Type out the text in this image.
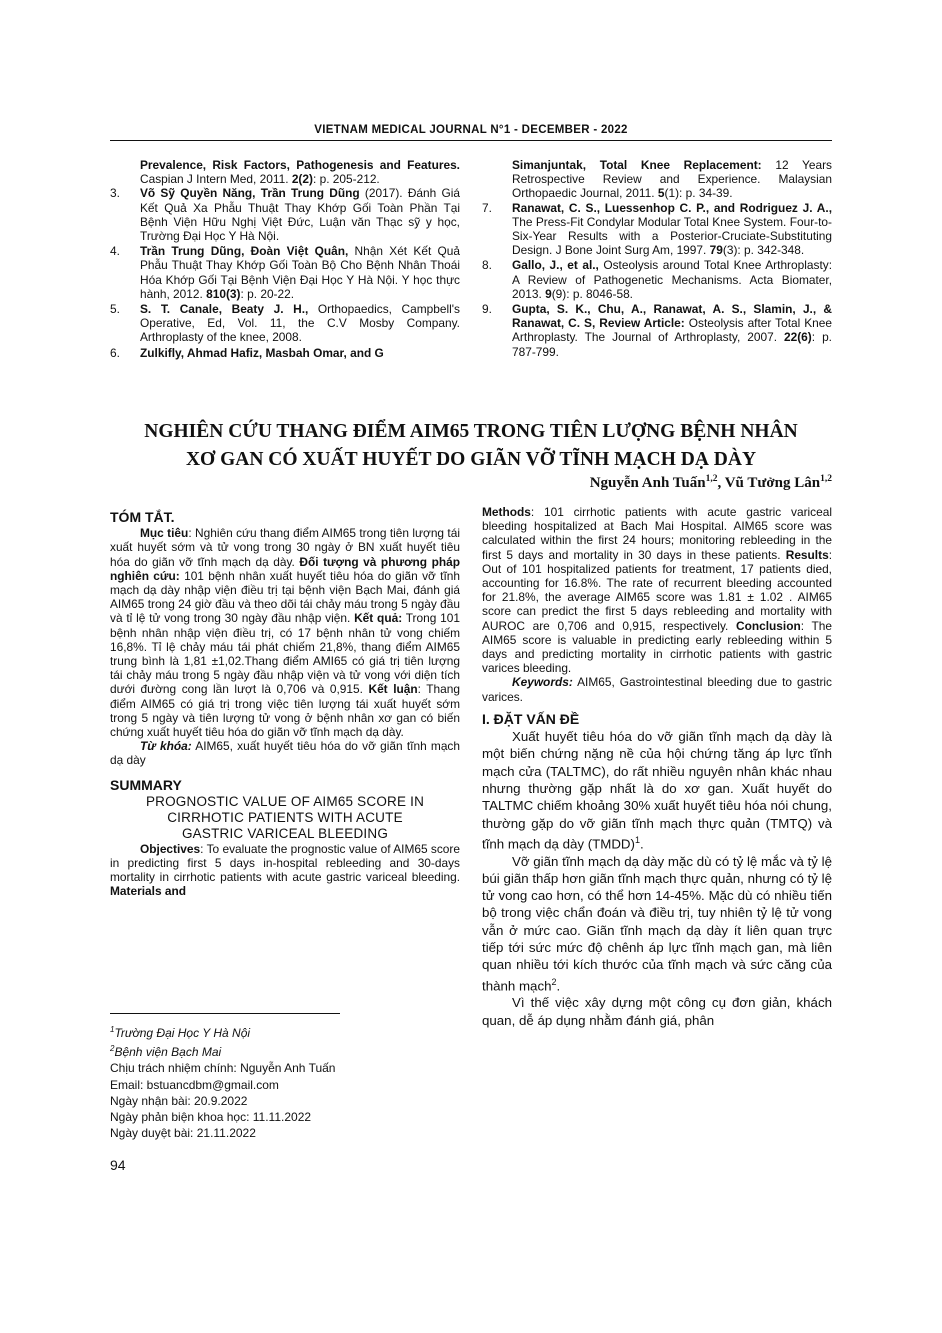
VIETNAM MEDICAL JOURNAL N°1 - DECEMBER - 2022
Prevalence, Risk Factors, Pathogenesis and Features. Caspian J Intern Med, 2011. 2(2): p. 205-212.
3.	Võ Sỹ Quyền Năng, Trần Trung Dũng (2017). Đánh Giá Kết Quả Xa Phẫu Thuật Thay Khớp Gối Toàn Phần Tại Bệnh Viện Hữu Nghị Việt Đức, Luận văn Thạc sỹ y học, Trường Đại Học Y Hà Nội.
4.	Trần Trung Dũng, Đoàn Việt Quân, Nhận Xét Kết Quả Phẫu Thuật Thay Khớp Gối Toàn Bộ Cho Bệnh Nhân Thoái Hóa Khớp Gối Tại Bệnh Viện Đại Học Y Hà Nội. Y học thực hành, 2012. 810(3): p. 20-22.
5.	S. T. Canale, Beaty J. H., Orthopaedics, Campbell's Operative, Ed, Vol. 11, the C.V Mosby Company. Arthroplasty of the knee, 2008.
6.	Zulkifly, Ahmad Hafiz, Masbah Omar, and G
Simanjuntak, Total Knee Replacement: 12 Years Retrospective Review and Experience. Malaysian Orthopaedic Journal, 2011. 5(1): p. 34-39.
7.	Ranawat, C. S., Luessenhop C. P., and Rodriguez J. A., The Press-Fit Condylar Modular Total Knee System. Four-to-Six-Year Results with a Posterior-Cruciate-Substituting Design. J Bone Joint Surg Am, 1997. 79(3): p. 342-348.
8.	Gallo, J., et al., Osteolysis around Total Knee Arthroplasty: A Review of Pathogenetic Mechanisms. Acta Biomater, 2013. 9(9): p. 8046-58.
9.	Gupta, S. K., Chu, A., Ranawat, A. S., Slamin, J., & Ranawat, C. S, Review Article: Osteolysis after Total Knee Arthroplasty. The Journal of Arthroplasty, 2007. 22(6): p. 787-799.
NGHIÊN CỨU THANG ĐIỂM AIM65 TRONG TIÊN LƯỢNG BỆNH NHÂN
XƠ GAN CÓ XUẤT HUYẾT DO GIÃN VỠ TĨNH MẠCH DẠ DÀY
Nguyễn Anh Tuấn$^{1,2}$, Vũ Tưởng Lân$^{1,2}$
TÓM TẮT.

Mục tiêu: Nghiên cứu thang điểm AIM65 trong tiên lượng tái xuất huyết sớm và tử vong trong 30 ngày ở BN xuất huyết tiêu hóa do giãn vỡ tĩnh mạch dạ dày. Đối tượng và phương pháp nghiên cứu: 101 bệnh nhân xuất huyết tiêu hóa do giãn vỡ tĩnh mạch dạ dày nhập viện điều trị tại bệnh viện Bạch Mai, đánh giá AIM65 trong 24 giờ đầu và theo dõi tái chảy máu trong 5 ngày đầu và tỉ lệ tử vong trong 30 ngày đầu nhập viện. Kết quả: Trong 101 bệnh nhân nhập viện điều trị, có 17 bệnh nhân tử vong chiếm 16,8%. Tỉ lệ chảy máu tái phát chiếm 21,8%, thang điểm AIM65 trung bình là 1,81 ±1,02.Thang điểm AMI65 có giá trị tiên lượng tái chảy máu trong 5 ngày đầu nhập viện và tử vong với diện tích dưới đường cong lần lượt là 0,706 và 0,915. Kết luận: Thang điểm AIM65 có giá trị trong việc tiên lượng tái xuất huyết sớm trong 5 ngày và tiên lượng tử vong ở bệnh nhân xơ gan có biến chứng xuất huyết tiêu hóa do giãn vỡ tĩnh mạch dạ dày.

Từ khóa: AIM65, xuất huyết tiêu hóa do vỡ giãn tĩnh mạch dạ dày

SUMMARY
PROGNOSTIC VALUE OF AIM65 SCORE IN
CIRRHOTIC PATIENTS WITH ACUTE
GASTRIC VARICEAL BLEEDING

Objectives: To evaluate the prognostic value of AIM65 score in predicting first 5 days in-hospital rebleeding and 30-days mortality in cirrhotic patients with acute gastric variceal bleeding. Materials and

Methods: 101 cirrhotic patients with acute gastric variceal bleeding hospitalized at Bach Mai Hospital. AIM65 score was calculated within the first 24 hours; monitoring rebleeding in the first 5 days and mortality in 30 days in these patients. Results: Out of 101 hospitalized patients for treatment, 17 patients died, accounting for 16.8%. The rate of recurrent bleeding accounted for 21.8%, the average AIM65 score was 1.81 ± 1.02 . AIM65 score can predict the first 5 days rebleeding and mortality with AUROC are 0,706 and 0,915, respectively. Conclusion: The AIM65 score is valuable in predicting early rebleeding within 5 days and predicting mortality in cirrhotic patients with gastric varices bleeding.

Keywords: AIM65, Gastrointestinal bleeding due to gastric varices.

I. ĐẶT VẤN ĐỀ

Xuất huyết tiêu hóa do vỡ giãn tĩnh mạch dạ dày là một biến chứng nặng nề của hội chứng tăng áp lực tĩnh mạch cửa (TALTMC), do rất nhiều nguyên nhân khác nhau nhưng thường gặp nhất là do xơ gan. Xuất huyết do TALTMC chiếm khoảng 30% xuất huyết tiêu hóa nói chung, thường gặp do vỡ giãn tĩnh mạch thực quản (TMTQ) và tĩnh mạch dạ dày (TMDD)$^1$.

Vỡ giãn tĩnh mạch dạ dày mặc dù có tỷ lệ mắc và tỷ lệ búi giãn thấp hơn giãn tĩnh mạch thực quản, nhưng có tỷ lệ tử vong cao hơn, có thể hơn 14-45%. Mặc dù có nhiều tiến bộ trong việc chẩn đoán và điều trị, tuy nhiên tỷ lệ tử vong vẫn ở mức cao. Giãn tĩnh mạch dạ dày ít liên quan trực tiếp tới sức mức độ chênh áp lực tĩnh mạch gan, mà liên quan nhiều tới kích thước của tĩnh mạch và sức căng của thành mạch$^2$.

Vì thế việc xây dựng một công cụ đơn giản, khách quan, dễ áp dụng nhằm đánh giá, phân

$^1$Trường Đại Học Y Hà Nội
$^2$Bệnh viện Bạch Mai
Chịu trách nhiệm chính: Nguyễn Anh Tuấn
Email: bstuancdbm@gmail.com
Ngày nhận bài: 20.9.2022
Ngày phản biện khoa học: 11.11.2022
Ngày duyệt bài: 21.11.2022
94
